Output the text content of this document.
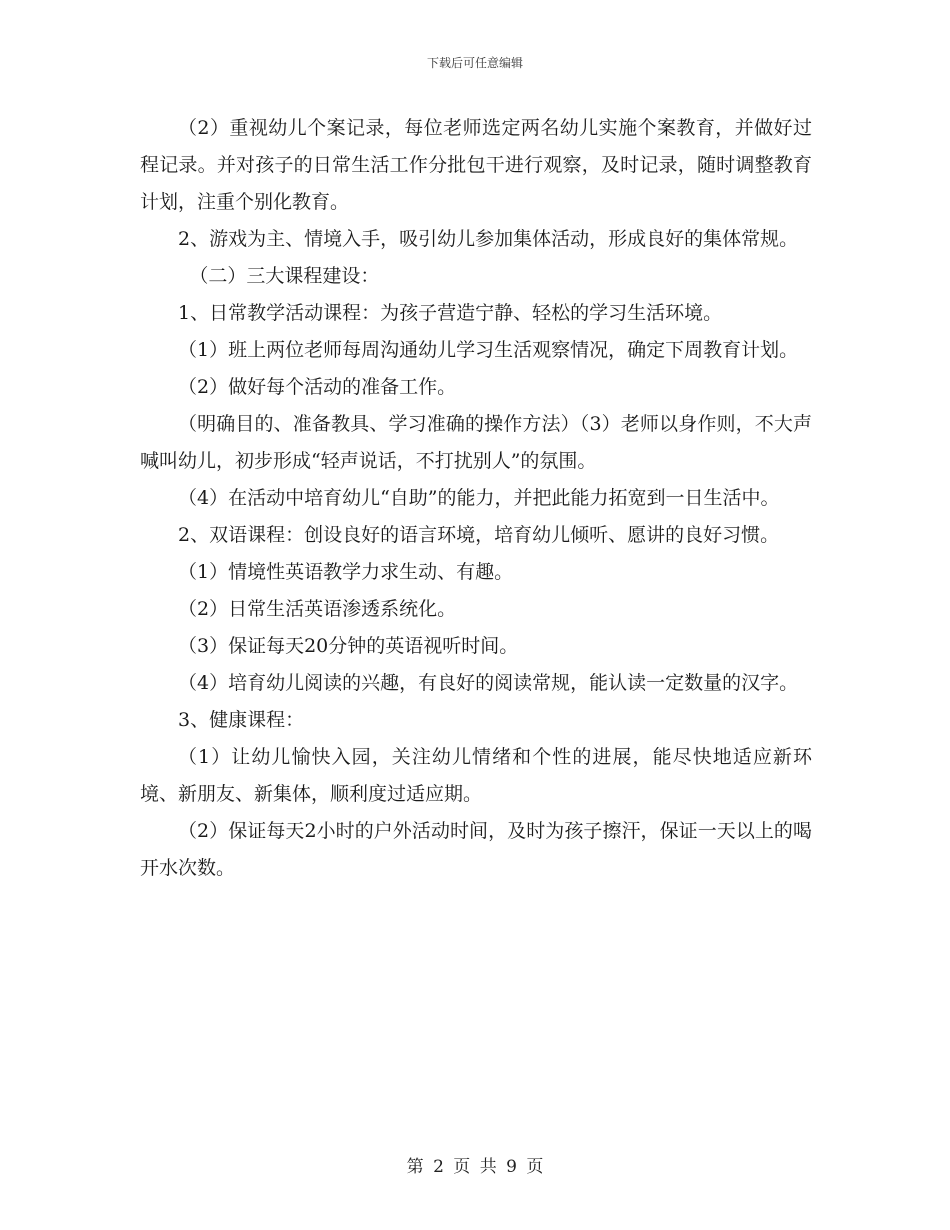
下载后可任意编辑

（2）重视幼儿个案记录，每位老师选定两名幼儿实施个案教育，并做好过程记录。并对孩子的日常生活工作分批包干进行观察，及时记录，随时调整教育计划，注重个别化教育。

2、游戏为主、情境入手，吸引幼儿参加集体活动，形成良好的集体常规。

（二）三大课程建设：

1、日常教学活动课程：为孩子营造宁静、轻松的学习生活环境。

（1）班上两位老师每周沟通幼儿学习生活观察情况，确定下周教育计划。

（2）做好每个活动的准备工作。

（明确目的、准备教具、学习准确的操作方法）（3）老师以身作则，不大声喊叫幼儿，初步形成“轻声说话，不打扰别人”的氛围。

（4）在活动中培育幼儿“自助”的能力，并把此能力拓宽到一日生活中。

2、双语课程：创设良好的语言环境，培育幼儿倾听、愿讲的良好习惯。

（1）情境性英语教学力求生动、有趣。

（2）日常生活英语渗透系统化。

（3）保证每天20分钟的英语视听时间。

（4）培育幼儿阅读的兴趣，有良好的阅读常规，能认读一定数量的汉字。

3、健康课程：

（1）让幼儿愉快入园，关注幼儿情绪和个性的进展，能尽快地适应新环境、新朋友、新集体，顺利度过适应期。

（2）保证每天2小时的户外活动时间，及时为孩子擦汗，保证一天以上的喝开水次数。

第 2 页 共 9 页
